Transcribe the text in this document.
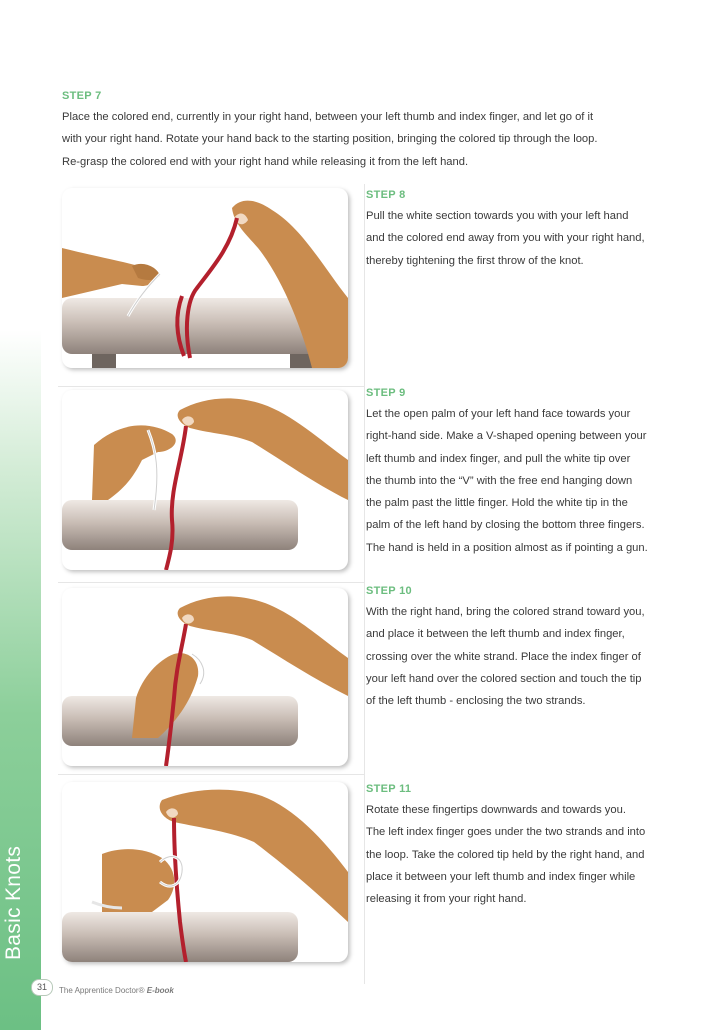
STEP 7
Place the colored end, currently in your right hand, between your left thumb and index finger, and let go of it
with your right hand. Rotate your hand back to the starting position, bringing the colored tip through the loop.
Re-grasp the colored end with your right hand while releasing it from the left hand.
STEP 8
Pull the white section towards you with your left hand
and the colored end away from you with your right hand,
thereby tightening the first throw of the knot.
STEP 9
Let the open palm of your left hand face towards your
right-hand side. Make a V-shaped opening between your
left thumb and index finger, and pull the white tip over
the thumb into the “V” with the free end hanging down
the palm past the little finger. Hold the white tip in the
palm of the left hand by closing the bottom three fingers.
The hand is held in a position almost as if pointing a gun.
STEP 10
With the right hand, bring the colored strand toward you,
and place it between the left thumb and index finger,
crossing over the white strand. Place the index finger of
your left hand over the colored section and touch the tip
of the left thumb - enclosing the two strands.
STEP 11
Rotate these fingertips downwards and towards you.
The left index finger goes under the two strands and into
the loop. Take the colored tip held by the right hand, and
place it between your left thumb and index finger while
releasing it from your right hand.
31	The Apprentice Doctor® E-book
